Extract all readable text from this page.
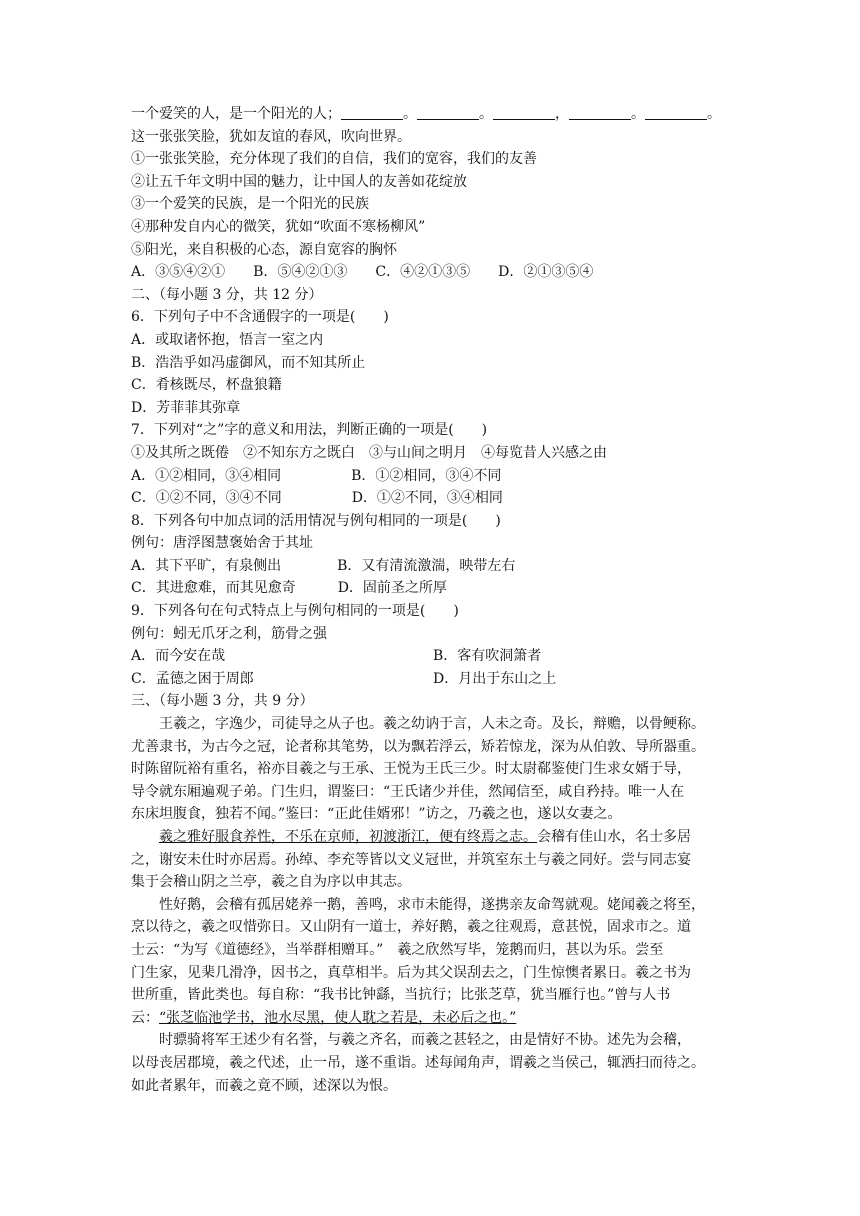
一个爱笑的人，是一个阳光的人；	。	。	，	。	。
这一张张笑脸，犹如友谊的春风，吹向世界。
①一张张笑脸，充分体现了我们的自信，我们的宽容，我们的友善
②让五千年文明中国的魅力，让中国人的友善如花绽放
③一个爱笑的民族，是一个阳光的民族
④那种发自内心的微笑，犹如“吹面不寒杨柳风”
⑤阳光，来自积极的心态，源自宽容的胸怀
A．③⑤④②①　　B．⑤④②①③　　C．④②①③⑤　　D．②①③⑤④
二、（每小题 3 分，共 12 分）
6．下列句子中不含通假字的一项是(　　)
A．或取诸怀抱，悟言一室之内
B．浩浩乎如冯虚御风，而不知其所止
C．肴核既尽，杯盘狼籍
D．芳菲菲其弥章
7．下列对“之”字的意义和用法，判断正确的一项是(　　)
①及其所之既倦　②不知东方之既白　③与山间之明月　④每览昔人兴感之由
A．①②相同，③④相同　　　　　B．①②相同，③④不同
C．①②不同，③④不同　　　　　D．①②不同，③④相同
8．下列各句中加点词的活用情况与例句相同的一项是(　　)
例句：唐浮图慧褒始舍于其址
A．其下平旷，有泉侧出　　　　B．又有清流激湍，映带左右
C．其进愈难，而其见愈奇　　　D．固前圣之所厚
9．下列各句在句式特点上与例句相同的一项是(　　)
例句：蚓无爪牙之利，筋骨之强
A．而今安在哉	B．客有吹洞箫者
C．孟德之困于周郎	D．月出于东山之上
三、（每小题 3 分，共 9 分）
王羲之，字逸少，司徒导之从子也。羲之幼讷于言，人未之奇。及长，辩赡，以骨鲠称。
尤善隶书，为古今之冠，论者称其笔势，以为飘若浮云，矫若惊龙，深为从伯敦、导所器重。
时陈留阮裕有重名，裕亦目羲之与王承、王悦为王氏三少。时太尉郗鉴使门生求女婿于导，
导令就东厢遍观子弟。门生归，谓鉴曰：“王氏诸少并佳，然闻信至，咸自矜持。唯一人在
东床坦腹食，独若不闻。”鉴曰：“正此佳婿邪！”访之，乃羲之也，遂以女妻之。
羲之雅好服食养性，不乐在京师，初渡浙江，便有终焉之志。会稽有佳山水，名士多居
之，谢安未仕时亦居焉。孙绰、李充等皆以文义冠世，并筑室东土与羲之同好。尝与同志宴
集于会稽山阴之兰亭，羲之自为序以申其志。
性好鹅，会稽有孤居姥养一鹅，善鸣，求市未能得，遂携亲友命驾就观。姥闻羲之将至，
烹以待之，羲之叹惜弥日。又山阴有一道士，养好鹅，羲之往观焉，意甚悦，固求市之。道
士云：“为写《道德经》，当举群相赠耳。”　羲之欣然写毕，笼鹅而归，甚以为乐。尝至
门生家，见棐几滑净，因书之，真草相半。后为其父误刮去之，门生惊懊者累日。羲之书为
世所重，皆此类也。每自称：“我书比钟繇，当抗行；比张芝草，犹当雁行也。”曾与人书
云：“张芝临池学书，池水尽黑，使人耽之若是，未必后之也。”
时骠骑将军王述少有名誉，与羲之齐名，而羲之甚轻之，由是情好不协。述先为会稽，
以母丧居郡境，羲之代述，止一吊，遂不重诣。述每闻角声，谓羲之当侯己，辄洒扫而待之。
如此者累年，而羲之竟不顾，述深以为恨。
